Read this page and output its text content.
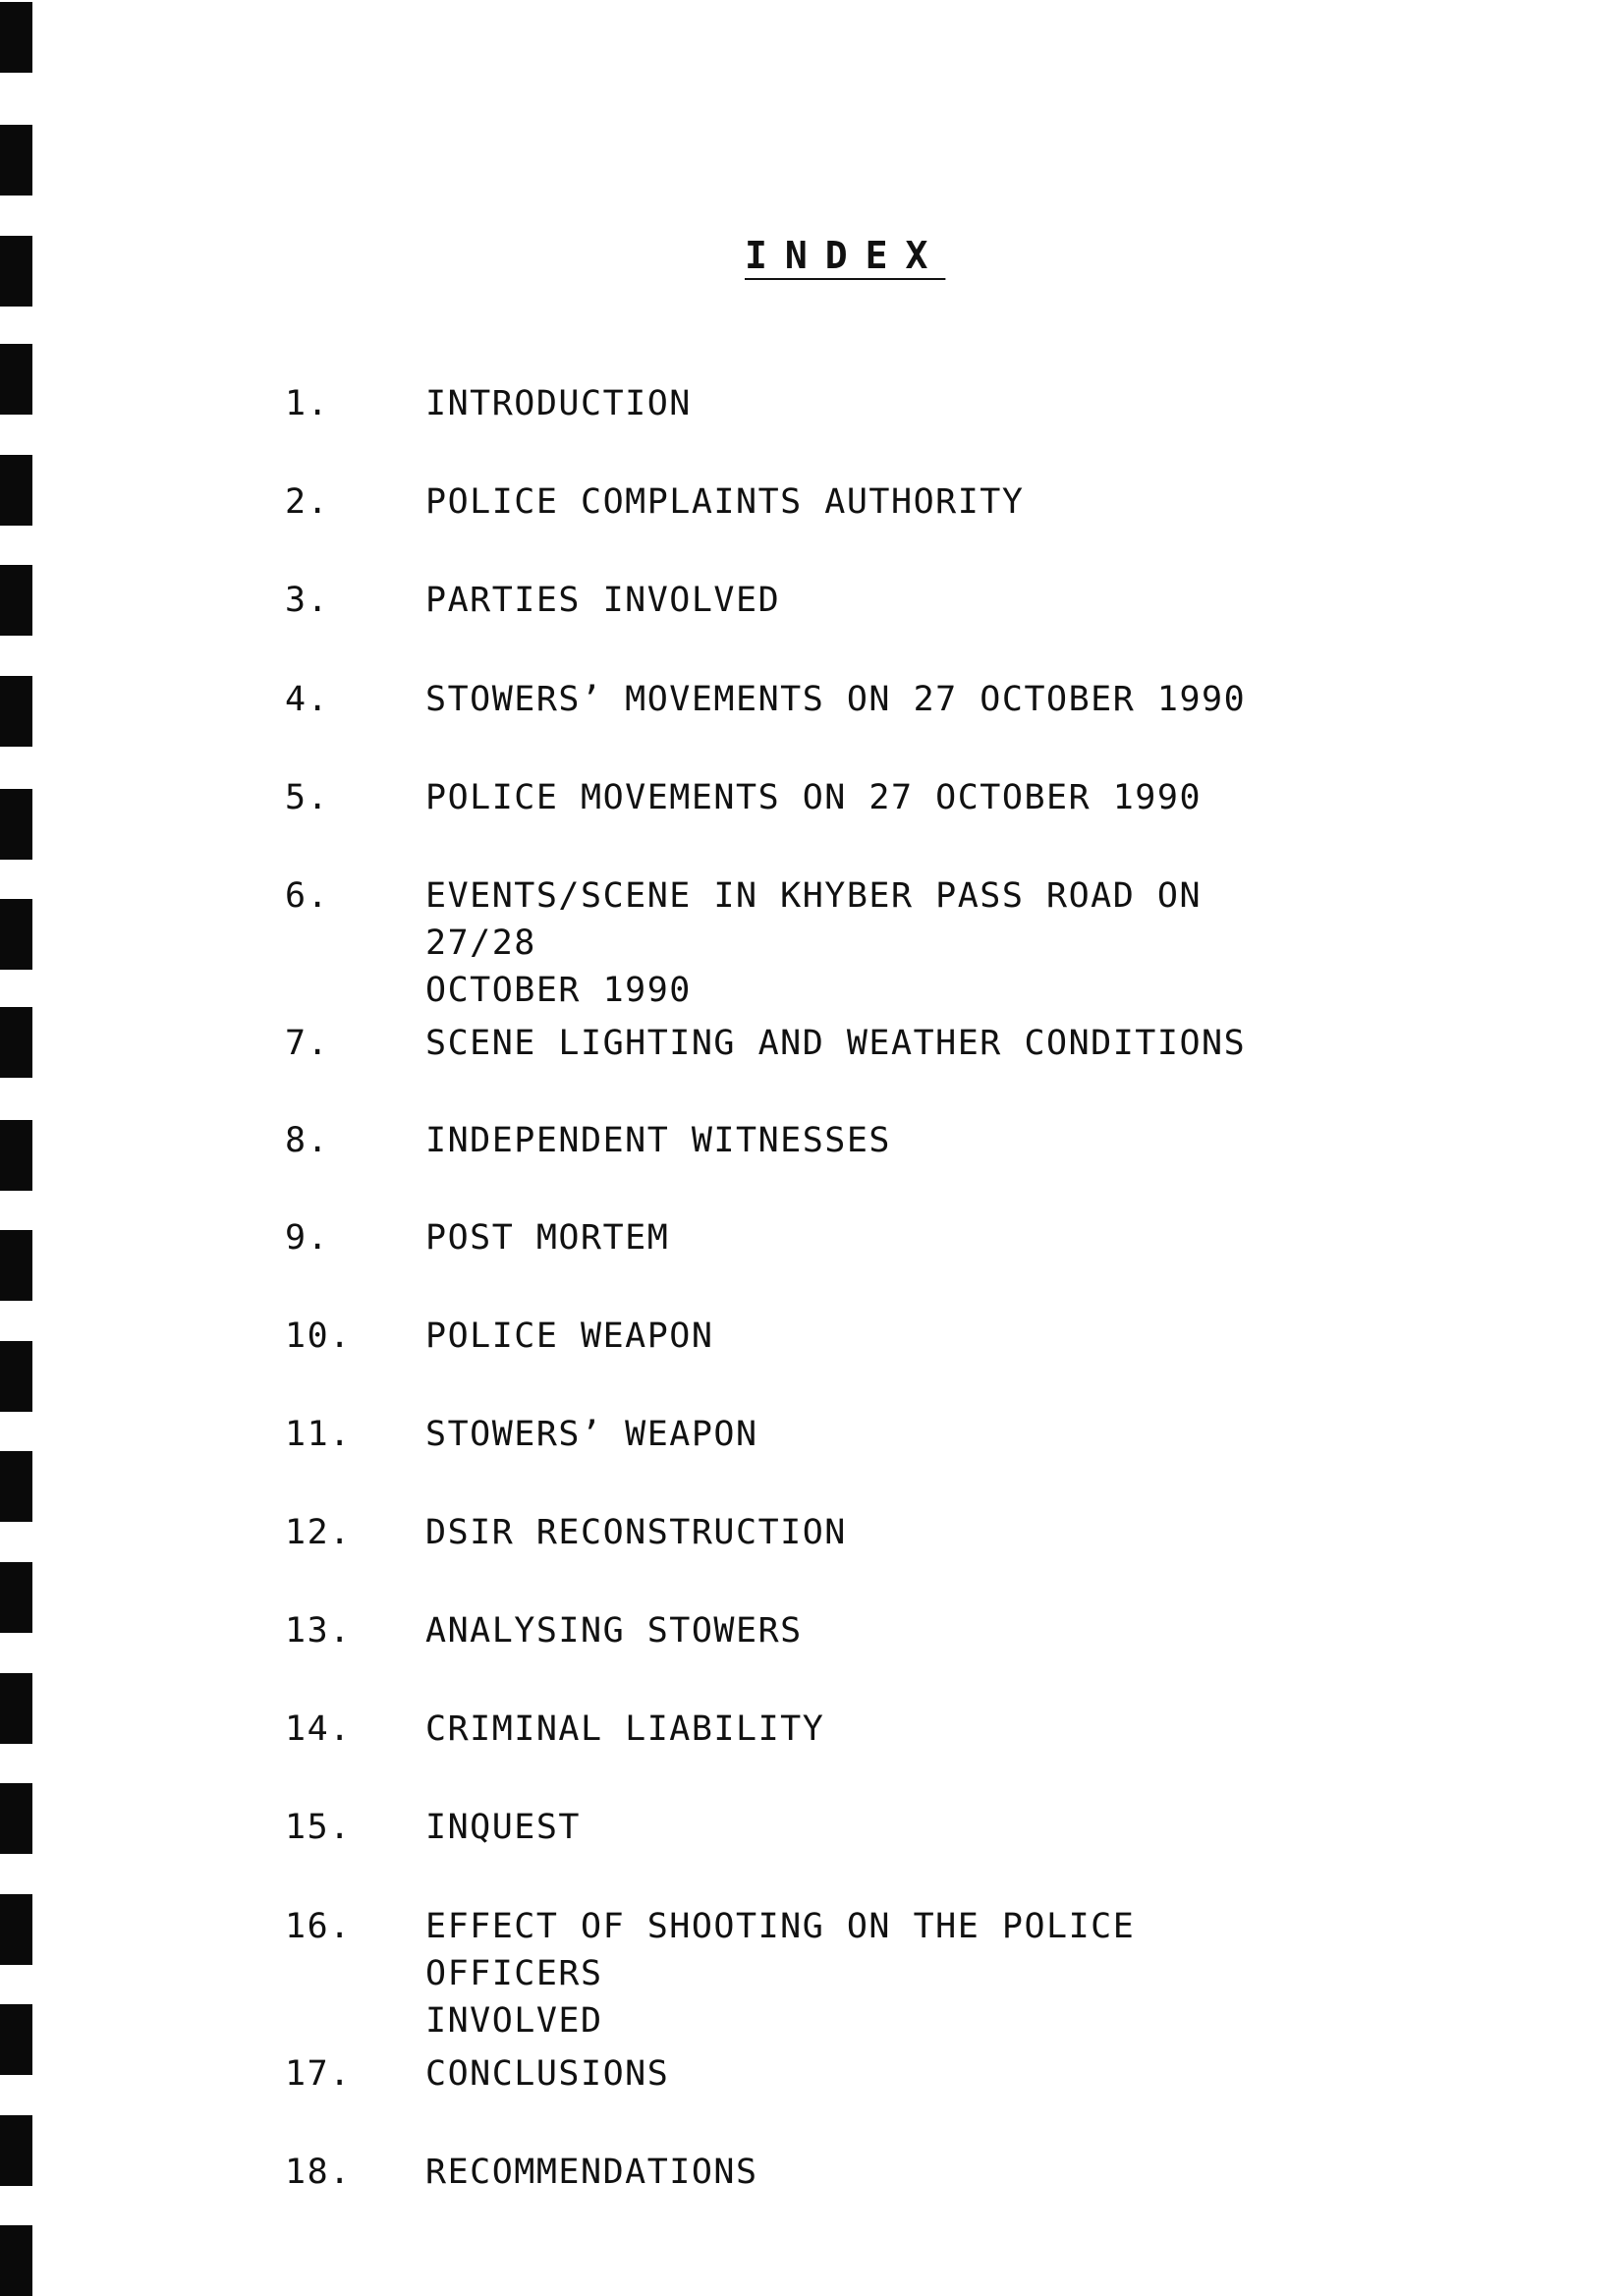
INDEX
1.	INTRODUCTION
2.	POLICE COMPLAINTS AUTHORITY
3.	PARTIES INVOLVED
4.	STOWERS’ MOVEMENTS ON 27 OCTOBER 1990
5.	POLICE MOVEMENTS ON 27 OCTOBER 1990
6.	EVENTS/SCENE IN KHYBER PASS ROAD ON 27/28
OCTOBER 1990
7.	SCENE LIGHTING AND WEATHER CONDITIONS
8.	INDEPENDENT WITNESSES
9.	POST MORTEM
10.	POLICE WEAPON
11.	STOWERS’ WEAPON
12.	DSIR RECONSTRUCTION
13.	ANALYSING STOWERS
14.	CRIMINAL LIABILITY
15.	INQUEST
16.	EFFECT OF SHOOTING ON THE POLICE OFFICERS
INVOLVED
17.	CONCLUSIONS
18.	RECOMMENDATIONS
